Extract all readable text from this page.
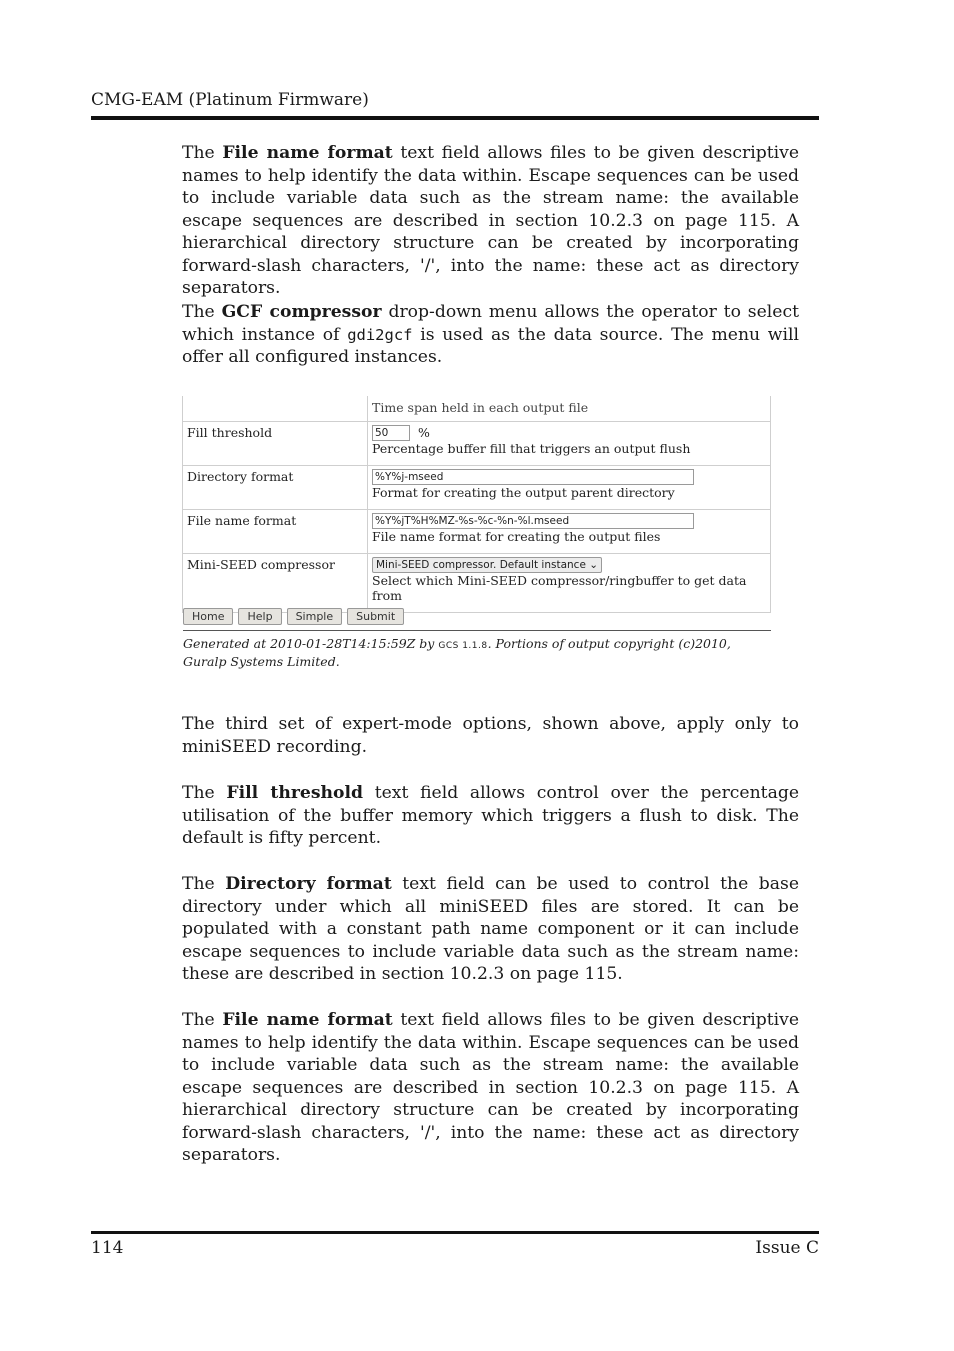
CMG-EAM (Platinum Firmware)

The File name format text field allows files to be given descriptive names to help identify the data within. Escape sequences can be used to include variable data such as the stream name: the available escape sequences are described in section 10.2.3 on page 115. A hierarchical directory structure can be created by incorporating forward-slash characters, '/', into the name: these act as directory separators.

The GCF compressor drop-down menu allows the operator to select which instance of gdi2gcf is used as the data source. The menu will offer all configured instances.

	Time span held in each output file
Fill threshold	50 %
Percentage buffer fill that triggers an output flush

Directory format	%Y%j-mseed
Format for creating the output parent directory

File name format	%Y%jT%H%MZ-%s-%c-%n-%l.mseed
File name format for creating the output files

Mini-SEED compressor	Mini-SEED compressor. Default instance ⌄
Select which Mini-SEED compressor/ringbuffer to get data from
Home Help Simple Submit
Generated at 2010-01-28T14:15:59Z by GCS 1.1.8. Portions of output copyright (c)2010, Guralp Systems Limited.

The third set of expert-mode options, shown above, apply only to miniSEED recording.

The Fill threshold text field allows control over the percentage utilisation of the buffer memory which triggers a flush to disk. The default is fifty percent.

The Directory format text field can be used to control the base directory under which all miniSEED files are stored. It can be populated with a constant path name component or it can include escape sequences to include variable data such as the stream name: these are described in section 10.2.3 on page 115.

The File name format text field allows files to be given descriptive names to help identify the data within. Escape sequences can be used to include variable data such as the stream name: the available escape sequences are described in section 10.2.3 on page 115. A hierarchical directory structure can be created by incorporating forward-slash characters, '/', into the name: these act as directory separators.

114	Issue C
